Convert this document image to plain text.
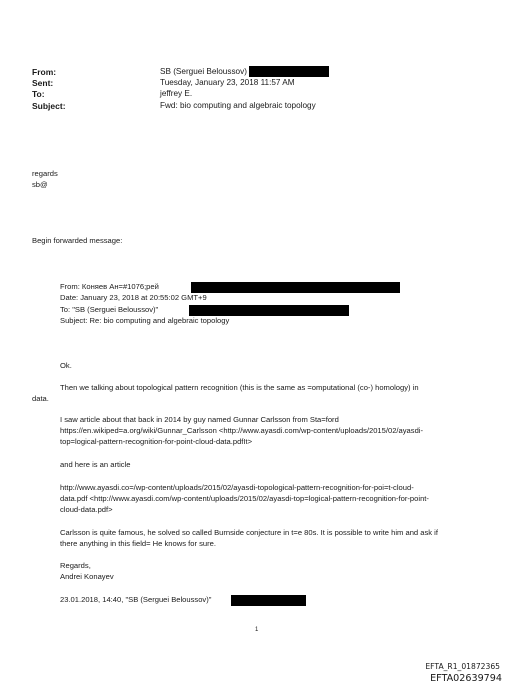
From:	SB (Serguei Beloussov)
Sent:	Tuesday, January 23, 2018 11:57 AM
To:	jeffrey E.
Subject:	Fwd: bio computing and algebraic topology
regards
sb@
Begin forwarded message:
From: Коняев Ан=#1076;рей
Date: January 23, 2018 at 20:55:02 GMT+9
To: "SB (Serguei Beloussov)"
Subject: Re: bio computing and algebraic topology
Ok.
Then we talking about topological pattern recognition (this is the same as =omputational (co-) homology) in
data.
I saw article about that back in 2014 by guy named Gunnar Carlsson from Sta=ford
https://en.wikiped=a.org/wiki/Gunnar_Carlsson <http://www.ayasdi.com/wp-content/uploads/2015/02/ayasdi-
top=logical-pattern-recognition-for-point-cloud-data.pdfIt>
and here is an article
http://www.ayasdi.co=/wp-content/uploads/2015/02/ayasdi-topological-pattern-recognition-for-poi=t-cloud-
data.pdf <http://www.ayasdi.com/wp-content/uploads/2015/02/ayasdi-top=logical-pattern-recognition-for-point-
cloud-data.pdf>
Carlsson is quite famous, he solved so called Burnside conjecture in t=e 80s. It is possible to write him and ask if
there anything in this field= He knows for sure.
Regards,
Andrei Konayev
23.01.2018, 14:40, "SB (Serguei Beloussov)"
1
EFTA_R1_01872365
EFTA02639794
